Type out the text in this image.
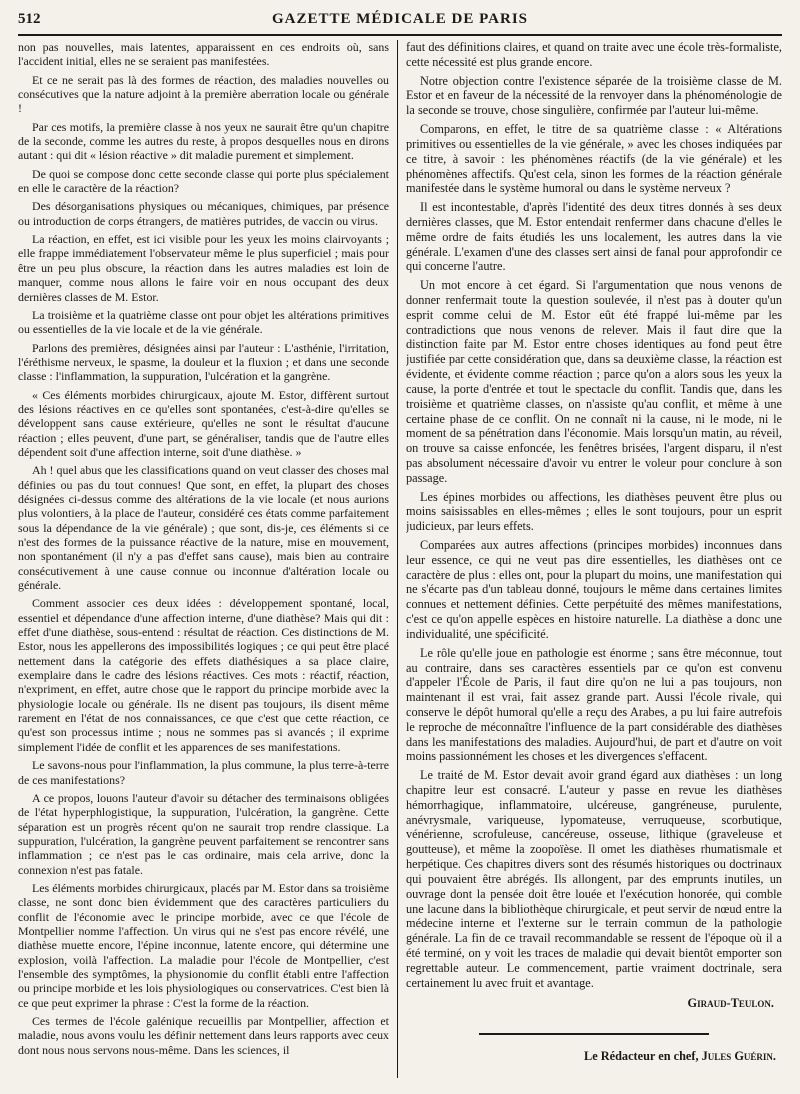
512	GAZETTE MÉDICALE DE PARIS

non pas nouvelles, mais latentes, apparaissent en ces endroits où, sans l'accident initial, elles ne se seraient pas manifestées.

Et ce ne serait pas là des formes de réaction, des maladies nouvelles ou consécutives que la nature adjoint à la première aberration locale ou générale !

Par ces motifs, la première classe à nos yeux ne saurait être qu'un chapitre de la seconde, comme les autres du reste, à propos desquelles nous en dirons autant : qui dit « lésion réactive » dit maladie purement et simplement.

De quoi se compose donc cette seconde classe qui porte plus spécialement en elle le caractère de la réaction?

Des désorganisations physiques ou mécaniques, chimiques, par présence ou introduction de corps étrangers, de matières putrides, de vaccin ou virus.

La réaction, en effet, est ici visible pour les yeux les moins clairvoyants ; elle frappe immédiatement l'observateur même le plus superficiel ; mais pour être un peu plus obscure, la réaction dans les autres maladies est loin de manquer, comme nous allons le faire voir en nous occupant des deux dernières classes de M. Estor.

La troisième et la quatrième classe ont pour objet les altérations primitives ou essentielles de la vie locale et de la vie générale.

Parlons des premières, désignées ainsi par l'auteur : L'asthénie, l'irritation, l'éréthisme nerveux, le spasme, la douleur et la fluxion ; et dans une seconde classe : l'inflammation, la suppuration, l'ulcération et la gangrène.

« Ces éléments morbides chirurgicaux, ajoute M. Estor, diffèrent surtout des lésions réactives en ce qu'elles sont spontanées, c'est-à-dire qu'elles se développent sans cause extérieure, qu'elles ne sont le résultat d'aucune réaction ; elles peuvent, d'une part, se généraliser, tandis que de l'autre elles dépendent soit d'une affection interne, soit d'une diathèse. »

Ah ! quel abus que les classifications quand on veut classer des choses mal définies ou pas du tout connues! Que sont, en effet, la plupart des choses désignées ci-dessus comme des altérations de la vie locale (et nous aurions plus volontiers, à la place de l'auteur, considéré ces états comme parfaitement sous la dépendance de la vie générale) ; que sont, dis-je, ces éléments si ce n'est des formes de la puissance réactive de la nature, mise en mouvement, non spontanément (il n'y a pas d'effet sans cause), mais bien au contraire consécutivement à une cause connue ou inconnue d'altération locale ou générale.

Comment associer ces deux idées : développement spontané, local, essentiel et dépendance d'une affection interne, d'une diathèse? Mais qui dit : effet d'une diathèse, sous-entend : résultat de réaction. Ces distinctions de M. Estor, nous les appellerons des impossibilités logiques ; ce qui peut être placé nettement dans la catégorie des effets diathésiques a sa place claire, exemplaire dans le cadre des lésions réactives. Ces mots : réactif, réaction, n'expriment, en effet, autre chose que le rapport du principe morbide avec la physiologie locale ou générale. Ils ne disent pas toujours, ils disent même rarement en l'état de nos connaissances, ce que c'est que cette réaction, ce qu'est son processus intime ; nous ne sommes pas si avancés ; il exprime simplement l'idée de conflit et les apparences de ses manifestations.

Le savons-nous pour l'inflammation, la plus commune, la plus terre-à-terre de ces manifestations?

A ce propos, louons l'auteur d'avoir su détacher des terminaisons obligées de l'état hyperphlogistique, la suppuration, l'ulcération, la gangrène. Cette séparation est un progrès récent qu'on ne saurait trop rendre classique. La suppuration, l'ulcération, la gangrène peuvent parfaitement se rencontrer sans inflammation ; ce n'est pas le cas ordinaire, mais cela arrive, donc la connexion n'est pas fatale.

Les éléments morbides chirurgicaux, placés par M. Estor dans sa troisième classe, ne sont donc bien évidemment que des caractères particuliers du conflit de l'économie avec le principe morbide, avec ce que l'école de Montpellier nomme l'affection. Un virus qui ne s'est pas encore révélé, une diathèse muette encore, l'épine inconnue, latente encore, qui détermine une explosion, voilà l'affection. La maladie pour l'école de Montpellier, c'est l'ensemble des symptômes, la physionomie du conflit établi entre l'affection ou principe morbide et les lois physiologiques ou conservatrices. C'est bien là ce que peut exprimer la phrase : C'est la forme de la réaction.

Ces termes de l'école galénique recueillis par Montpellier, affection et maladie, nous avons voulu les définir nettement dans leurs rapports avec ceux dont nous nous servons nous-même. Dans les sciences, il

faut des définitions claires, et quand on traite avec une école très-formaliste, cette nécessité est plus grande encore.

Notre objection contre l'existence séparée de la troisième classe de M. Estor et en faveur de la nécessité de la renvoyer dans la phénoménologie de la seconde se trouve, chose singulière, confirmée par l'auteur lui-même.

Comparons, en effet, le titre de sa quatrième classe : « Altérations primitives ou essentielles de la vie générale, » avec les choses indiquées par ce titre, à savoir : les phénomènes réactifs (de la vie générale) et les phénomènes affectifs. Qu'est cela, sinon les formes de la réaction générale manifestée dans le système humoral ou dans le système nerveux ?

Il est incontestable, d'après l'identité des deux titres donnés à ses deux dernières classes, que M. Estor entendait renfermer dans chacune d'elles le même ordre de faits étudiés les uns localement, les autres dans la vie générale. L'examen d'une des classes sert ainsi de fanal pour approfondir ce qui concerne l'autre.

Un mot encore à cet égard. Si l'argumentation que nous venons de donner renfermait toute la question soulevée, il n'est pas à douter qu'un esprit comme celui de M. Estor eût été frappé lui-même par les contradictions que nous venons de relever. Mais il faut dire que la distinction faite par M. Estor entre choses identiques au fond peut être justifiée par cette considération que, dans sa deuxième classe, la réaction est évidente, et évidente comme réaction ; parce qu'on a alors sous les yeux la cause, la porte d'entrée et tout le spectacle du conflit. Tandis que, dans les troisième et quatrième classes, on n'assiste qu'au conflit, et même à une certaine phase de ce conflit. On ne connaît ni la cause, ni le mode, ni le moment de sa pénétration dans l'économie. Mais lorsqu'un matin, au réveil, on trouve sa caisse enfoncée, les fenêtres brisées, l'argent disparu, il n'est pas absolument nécessaire d'avoir vu entrer le voleur pour conclure à son passage.

Les épines morbides ou affections, les diathèses peuvent être plus ou moins saisissables en elles-mêmes ; elles le sont toujours, pour un esprit judicieux, par leurs effets.

Comparées aux autres affections (principes morbides) inconnues dans leur essence, ce qui ne veut pas dire essentielles, les diathèses ont ce caractère de plus : elles ont, pour la plupart du moins, une manifestation qui ne s'écarte pas d'un tableau donné, toujours le même dans certaines limites connues et nettement définies. Cette perpétuité des mêmes manifestations, c'est ce qu'on appelle espèces en histoire naturelle. La diathèse a donc une individualité, une spécificité.

Le rôle qu'elle joue en pathologie est énorme ; sans être méconnue, tout au contraire, dans ses caractères essentiels par ce qu'on est convenu d'appeler l'École de Paris, il faut dire qu'on ne lui a pas toujours, non maintenant il est vrai, fait assez grande part. Aussi l'école rivale, qui conserve le dépôt humoral qu'elle a reçu des Arabes, a pu lui faire autrefois le reproche de méconnaître l'influence de la part considérable des diathèses dans les manifestations des maladies. Aujourd'hui, de part et d'autre on voit moins passionnément les choses et les divergences s'effacent.

Le traité de M. Estor devait avoir grand égard aux diathèses : un long chapitre leur est consacré. L'auteur y passe en revue les diathèses hémorrhagique, inflammatoire, ulcéreuse, gangréneuse, purulente, anévrysmale, variqueuse, lypomateuse, verruqueuse, scorbutique, vénérienne, scrofuleuse, cancéreuse, osseuse, lithique (graveleuse et goutteuse), et même la zoopoïèse. Il omet les diathèses rhumatismale et herpétique. Ces chapitres divers sont des résumés historiques ou doctrinaux qui pouvaient être abrégés. Ils allongent, par des emprunts inutiles, un ouvrage dont la pensée doit être louée et l'exécution honorée, qui comble une lacune dans la bibliothèque chirurgicale, et peut servir de nœud entre la médecine interne et l'externe sur le terrain commun de la pathologie générale. La fin de ce travail recommandable se ressent de l'époque où il a été terminé, on y voit les traces de maladie qui devait bientôt emporter son regrettable auteur. Le commencement, partie vraiment doctrinale, sera certainement lu avec fruit et avantage.

Giraud-Teulon.

Le Rédacteur en chef, Jules Guérin.
